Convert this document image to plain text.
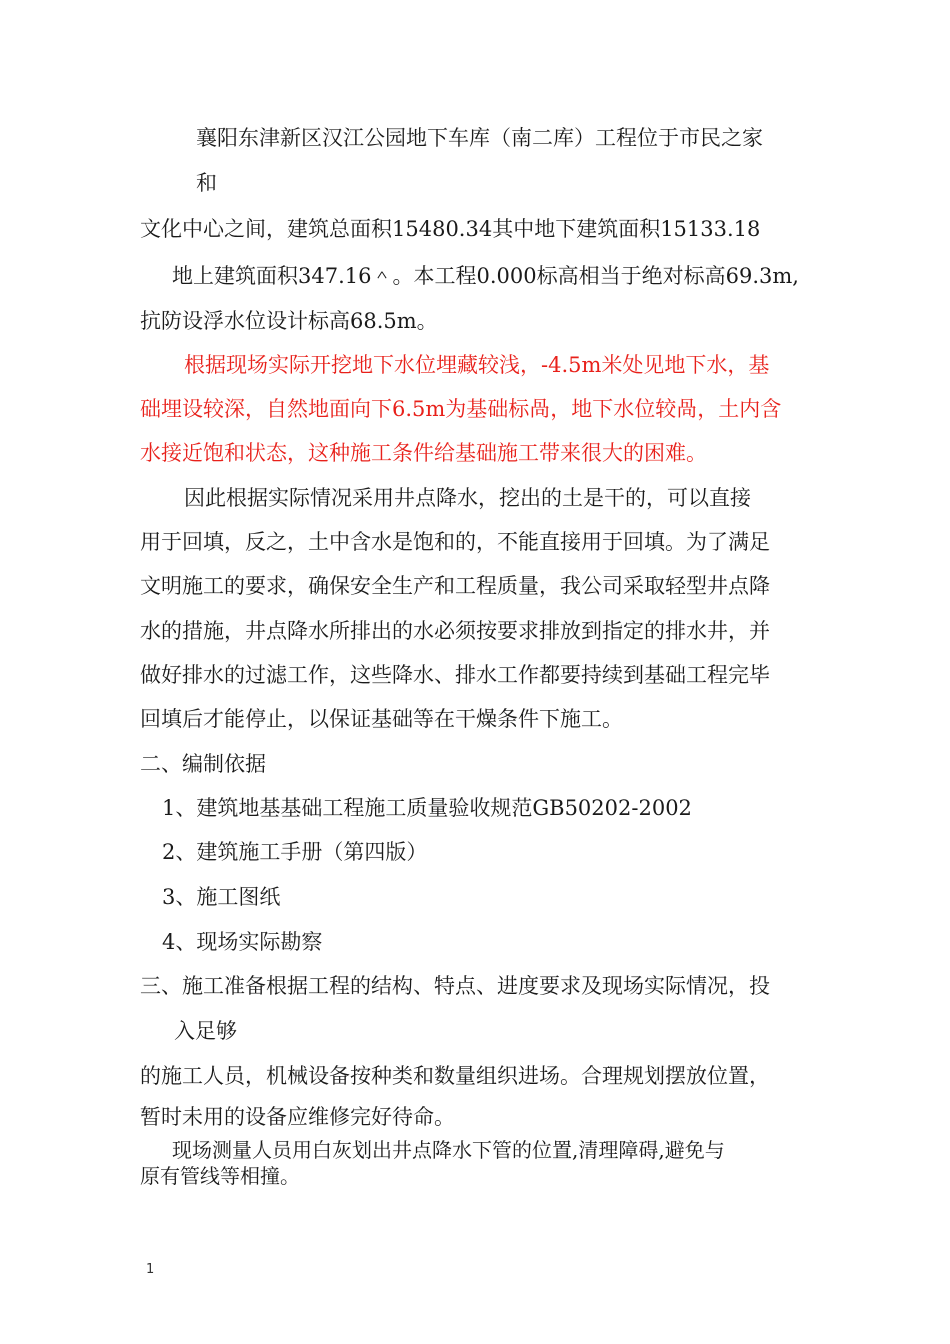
襄阳东津新区汉江公园地下车库（南二库）工程位于市民之家

和

文化中心之间，建筑总面积15480.34其中地下建筑面积15133.18

地上建筑面积347.16＾。本工程0.000标高相当于绝对标高69.3m,

抗防设浮水位设计标高68.5m。

根据现场实际开挖地下水位埋藏较浅，-4.5m米处见地下水，基

础埋设较深，自然地面向下6.5m为基础标咼，地下水位较咼，土内含

水接近饱和状态，这种施工条件给基础施工带来很大的困难。

因此根据实际情况采用井点降水，挖出的土是干的，可以直接

用于回填，反之，土中含水是饱和的，不能直接用于回填。为了满足

文明施工的要求，确保安全生产和工程质量，我公司采取轻型井点降

水的措施，井点降水所排出的水必须按要求排放到指定的排水井，并

做好排水的过滤工作，这些降水、排水工作都要持续到基础工程完毕

回填后才能停止，以保证基础等在干燥条件下施工。

二、编制依据

1、建筑地基基础工程施工质量验收规范GB50202-2002

2、建筑施工手册（第四版）

3、施工图纸

4、现场实际勘察

三、施工准备根据工程的结构、特点、进度要求及现场实际情况，投

入足够

的施工人员，机械设备按种类和数量组织进场。合理规划摆放位置，

暂时未用的设备应维修完好待命。

现场测量人员用白灰划出井点降水下管的位置,清理障碍,避免与

原有管线等相撞。

1
